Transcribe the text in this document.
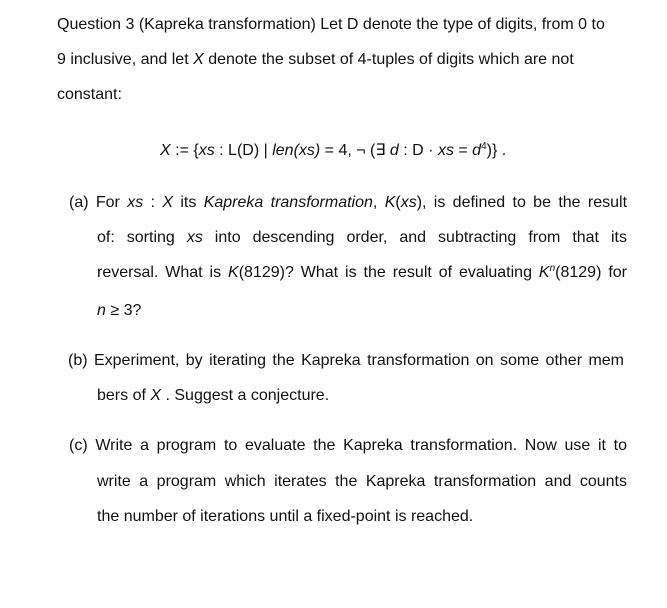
Question 3 (Kapreka transformation) Let D denote the type of digits, from 0 to
9 inclusive, and let X denote the subset of 4-tuples of digits which are not
constant:
X := {xs : L(D) | len(xs) = 4, ¬ (∃ d : D · xs = $d^4$)} .
(a) For xs : X its Kapreka transformation, K(xs), is defined to be the result
of: sorting xs into descending order, and subtracting from that its
reversal. What is K(8129)? What is the result of evaluating $K^n(8129)$ for
n ≥ 3?
(b) Experiment, by iterating the Kapreka transformation on some other mem
bers of X . Suggest a conjecture.
(c) Write a program to evaluate the Kapreka transformation. Now use it to
write a program which iterates the Kapreka transformation and counts
the number of iterations until a fixed-point is reached.
